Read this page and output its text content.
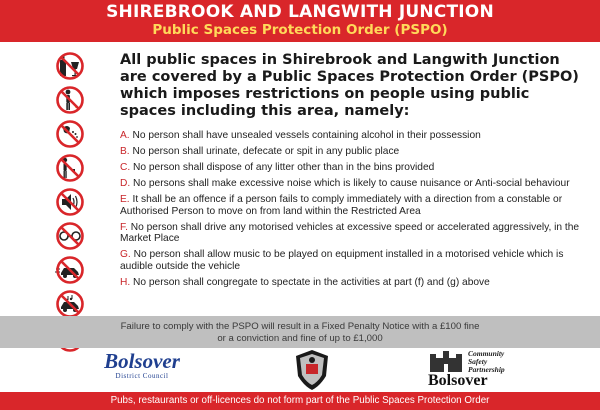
SHIREBROOK AND LANGWITH JUNCTION
Public Spaces Protection Order (PSPO)
All public spaces in Shirebrook and Langwith Junction are covered by a Public Spaces Protection Order (PSPO) which imposes restrictions on people using public spaces including this area, namely:
A. No person shall have unsealed vessels containing alcohol in their possession
B. No person shall urinate, defecate or spit in any public place
C. No person shall dispose of any litter other than in the bins provided
D. No persons shall make excessive noise which is likely to cause nuisance or Anti-social behaviour
E. It shall be an offence if a person fails to comply immediately with a direction from a constable or Authorised Person to move on from land within the Restricted Area
F. No person shall drive any motorised vehicles at excessive speed or accelerated aggressively, in the Market Place
G. No person shall allow music to be played on equipment installed in a motorised vehicle which is audible outside the vehicle
H. No person shall congregate to spectate in the activities at part (f) and (g) above
Failure to comply with the PSPO will result in a Fixed Penalty Notice with a £100 fine
or a conviction and fine of up to £1,000
Bolsover
District Council
Community
Safety
Partnership
Bolsover
Pubs, restaurants or off-licences do not form part of the Public Spaces Protection Order
